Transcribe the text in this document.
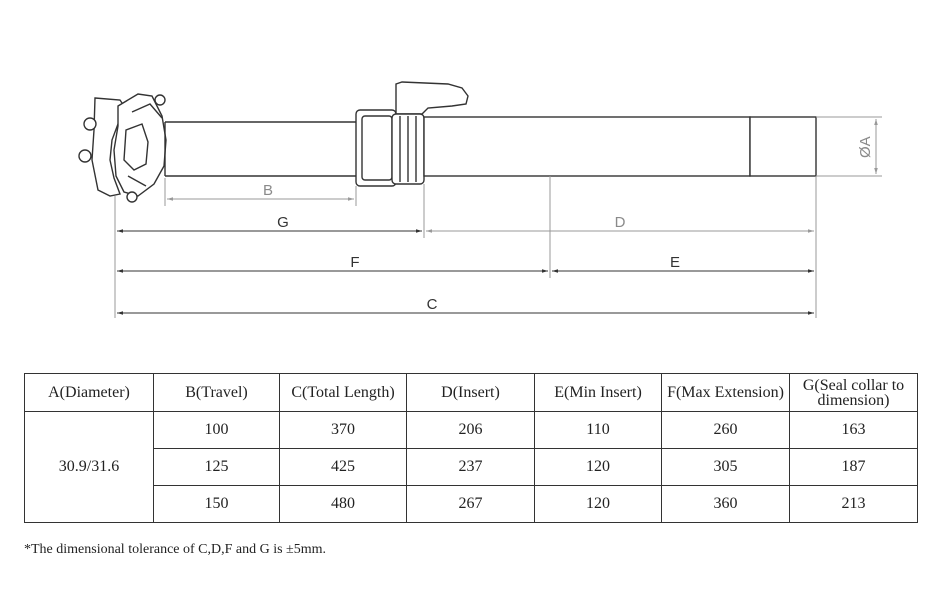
ØA
B
G	D
F	E
C
A(Diameter)	B(Travel)	C(Total Length)	D(Insert)	E(Min Insert)	F(Max Extension)	G(Seal collar to dimension)
30.9/31.6	100	370	206	110	260	163
	125	425	237	120	305	187
	150	480	267	120	360	213
*The dimensional tolerance of C,D,F and G is ±5mm.
